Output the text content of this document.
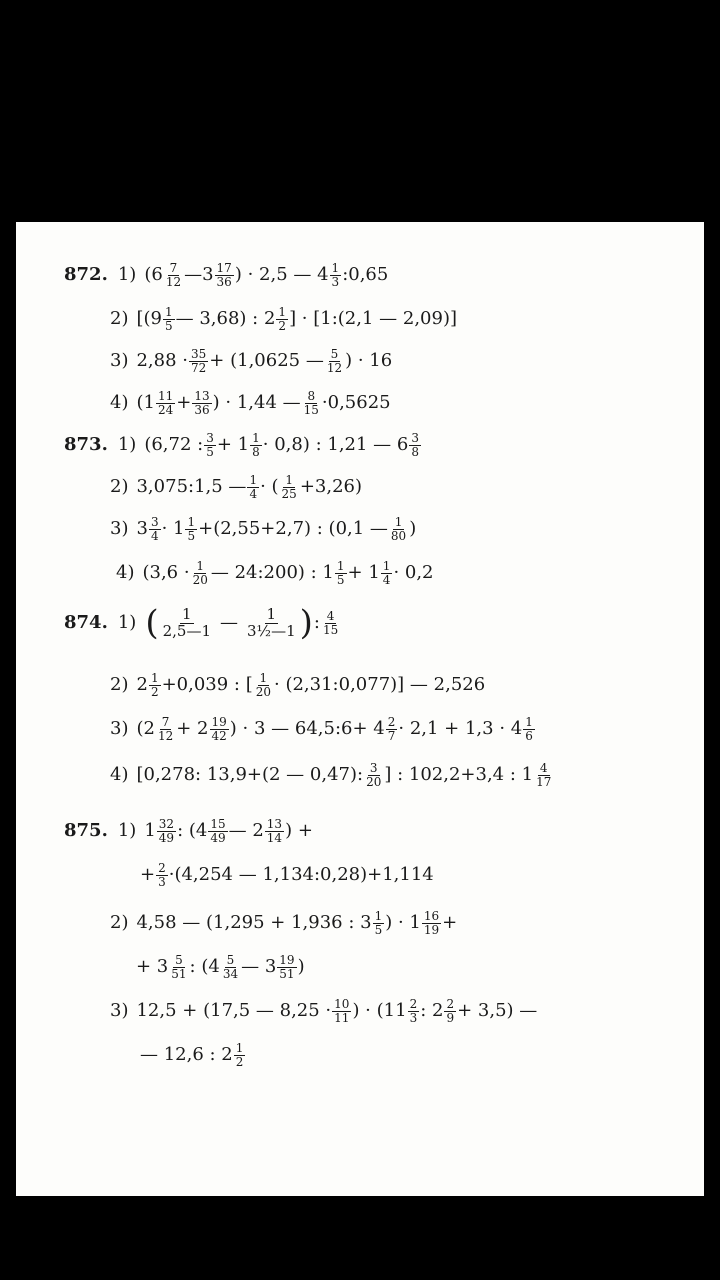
872. 1) ($6 \frac{7}{12}$ —3 $\frac{17}{36}$ ) · 2,5 — $4 \frac{1}{3}$ :0,65
2) [($9 \frac{1}{5}$ — 3,68) : $2 \frac{1}{2}$ ] · [1:(2,1 — 2,09)]
3) $2,88 \cdot \frac{35}{72} + (1,0625$ — $\frac{5}{12}$ ) · 16
4) ($1 \frac{11}{24} + \frac{13}{36}$ ) · 1,44 — $\frac{8}{15} \cdot 0,5625$
873. 1) (6,72 : $\frac{3}{5} + 1 \frac{1}{8} \cdot 0,8$) : 1,21 — $6 \frac{3}{8}$
2) 3,075:1,5 — $\frac{1}{4}$ · ( $\frac{1}{25} +3,26$)
3) $3 \frac{3}{4} \cdot 1 \frac{1}{5} +(2,55+2,7)$ : (0,1 — $\frac{1}{80}$ )
4) ($3,6 \cdot \frac{1}{20}$ — 24:200) : $1 \frac{1}{5} + 1 \frac{1}{4} \cdot 0,2$
874. 1) ( $\frac{1}{2,5—1}$ — $\frac{1}{\text{3½—1}}$ ) : $\frac{4}{15}$
2) $2 \frac{1}{2} +0,039$ : [ $\frac{1}{20}$ · (2,31:0,077)] — 2,526
3) ($2 \frac{7}{12} + 2 \frac{19}{42}$ ) · 3 — 64,5:6+ $4 \frac{2}{7} \cdot 2,1 + 1,3 \cdot 4 \frac{1}{6}$
4) [0,278: 13,9+(2 — 0,47): $\frac{3}{20}$ ] : 102,2+3,4 : $1 \frac{4}{17}$
875. 1) $1 \frac{32}{49}$ : ($4 \frac{15}{49}$ — $2 \frac{13}{14}$ ) +
+ $\frac{2}{3} \cdot(4,254$ — 1,134:0,28)+1,114
2) 4,58 — (1,295 + 1,936 : $3 \frac{1}{5}$ ) · $1 \frac{16}{19}$ +
+ $3 \frac{5}{51}$ : ($4 \frac{5}{34}$ — $3 \frac{19}{51}$ )
3) 12,5 + (17,5 — $8,25 \cdot \frac{10}{11}$ ) · ($11 \frac{2}{3}$ : $2 \frac{2}{9} + 3,5$) —
— 12,6 : $2 \frac{1}{2}$
